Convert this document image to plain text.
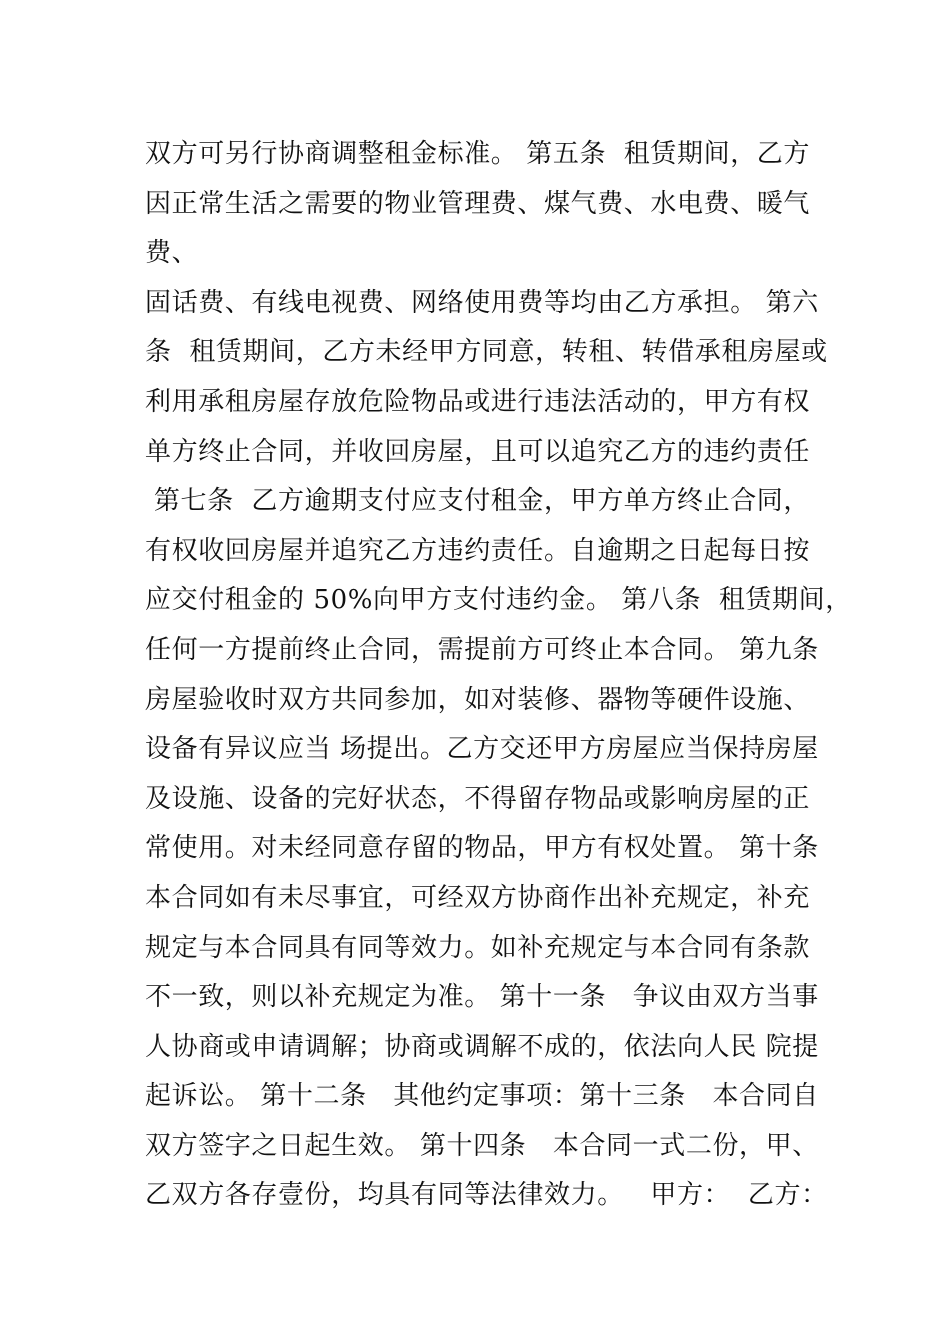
双方可另行协商调整租金标准。 第五条  租赁期间，乙方
因正常生活之需要的物业管理费、煤气费、水电费、暖气
费、
固话费、有线电视费、网络使用费等均由乙方承担。 第六
条  租赁期间，乙方未经甲方同意，转租、转借承租房屋或
利用承租房屋存放危险物品或进行违法活动的，甲方有权
单方终止合同，并收回房屋，且可以追究乙方的违约责任
第七条  乙方逾期支付应支付租金，甲方单方终止合同，
有权收回房屋并追究乙方违约责任。自逾期之日起每日按
应交付租金的 50%向甲方支付违约金。 第八条  租赁期间，
任何一方提前终止合同，需提前方可终止本合同。 第九条
房屋验收时双方共同参加，如对装修、器物等硬件设施、
设备有异议应当 场提出。乙方交还甲方房屋应当保持房屋
及设施、设备的完好状态，不得留存物品或影响房屋的正
常使用。对未经同意存留的物品，甲方有权处置。 第十条
本合同如有未尽事宜，可经双方协商作出补充规定，补充
规定与本合同具有同等效力。如补充规定与本合同有条款
不一致，则以补充规定为准。 第十一条   争议由双方当事
人协商或申请调解；协商或调解不成的，依法向人民 院提
起诉讼。 第十二条   其他约定事项：第十三条   本合同自
双方签字之日起生效。 第十四条   本合同一式二份，甲、
乙双方各存壹份，均具有同等法律效力。   甲方：  乙方：
